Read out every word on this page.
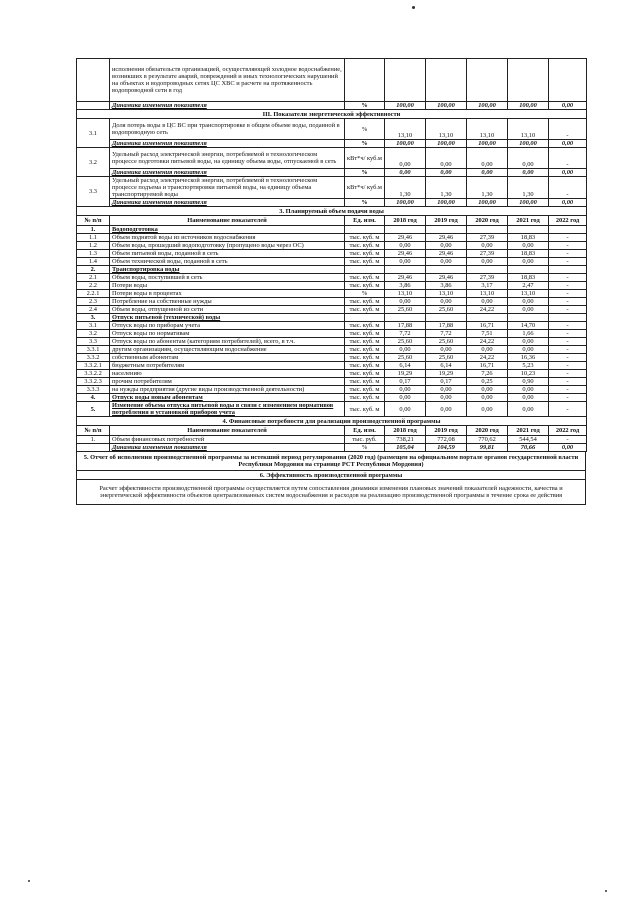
	исполнения обязательств организацией, осуществляющей холодное водоснабжение, возникших в результате аварий, повреждений и иных технологических нарушений на объектах и водопроводных сетях ЦС ХВС и расчете на протяженность водопроводной сети в год						
	Динамика изменения показателя	%	100,00	100,00	100,00	100,00	0,00
III. Показатели энергетической эффективности							
3.1	Доля потерь воды в ЦС ВС при транспортировке в общем объеме воды, поданной в водопроводную сеть	%	13,10	13,10	13,10	13,10	-
	Динамика изменения показателя	%	100,00	100,00	100,00	100,00	0,00
3.2	Удельный расход электрической энергии, потребляемой в технологическом процессе подготовки питьевой воды, на единицу объема воды, отпускаемой в сеть	кВт*ч/ куб.м	0,00	0,00	0,00	0,00	-
	Динамика изменения показателя	%	0,00	0,00	0,00	0,00	0,00
3.3	Удельный расход электрической энергии, потребляемой в технологическом процессе подъема и транспортировки питьевой воды, на единицу объема транспортируемой воды	кВт*ч/ куб.м	1,30	1,30	1,30	1,30	-
	Динамика изменения показателя	%	100,00	100,00	100,00	100,00	0,00
3. Планируемый объем подачи воды							
№ п/п	Наименование показателей	Ед. изм.	2018 год	2019 год	2020 год	2021 год	2022 год
1.	Водоподготовка						
1.1	Объем поднятой воды из источников водоснабжения	тыс. куб. м	29,46	29,46	27,39	18,83	-
1.2	Объем воды, прошедший водоподготовку (пропущено воды через ОС)	тыс. куб. м	0,00	0,00	0,00	0,00	-
1.3	Объем питьевой воды, поданной в сеть	тыс. куб. м	29,46	29,46	27,39	18,83	-
1.4	Объем технической воды, поданной в сеть	тыс. куб. м	0,00	0,00	0,00	0,00	-
2.	Транспортировка воды						
2.1	Объем воды, поступившей в сеть	тыс. куб. м	29,46	29,46	27,39	18,83	-
2.2	Потери воды	тыс. куб. м	3,86	3,86	3,17	2,47	-
2.2.1	Потери воды в процентах	%	13,10	13,10	13,10	13,10	-
2.3	Потребление на собственные нужды	тыс. куб. м	0,00	0,00	0,00	0,00	-
2.4	Объем воды, отпущенной из сети	тыс. куб. м	25,60	25,60	24,22	0,00	-
3.	Отпуск питьевой (технической) воды						
3.1	Отпуск воды по приборам учета	тыс. куб. м	17,88	17,88	16,71	14,70	-
3.2	Отпуск воды по нормативам	тыс. куб. м	7,72	7,72	7,51	1,66	-
3.3	Отпуск воды по абонентам (категориям потребителей), всего, в т.ч.	тыс. куб. м	25,60	25,60	24,22	0,00	-
3.3.1	другим организациям, осуществляющим водоснабжение	тыс. куб. м	0,00	0,00	0,00	0,00	-
3.3.2	собственным абонентам	тыс. куб. м	25,60	25,60	24,22	16,36	-
3.3.2.1	бюджетным потребителям	тыс. куб. м	6,14	6,14	16,71	5,23	-
3.3.2.2	населению	тыс. куб. м	19,29	19,29	7,26	10,23	-
3.3.2.3	прочим потребителям	тыс. куб. м	0,17	0,17	0,25	0,90	-
3.3.3	на нужды предприятия (другие виды производственной деятельности)	тыс. куб. м	0,00	0,00	0,00	0,00	-
4.	Отпуск воды новым абонентам	тыс. куб. м	0,00	0,00	0,00	0,00	-
5.	Изменение объема отпуска питьевой воды в связи с изменением нормативов потребления и установкой приборов учета	тыс. куб. м	0,00	0,00	0,00	0,00	-
4. Финансовые потребности для реализации производственной программы							
№ п/п	Наименование показателей	Ед. изм.	2018 год	2019 год	2020 год	2021 год	2022 год
1.	Объем финансовых потребностей	тыс. руб.	738,21	772,08	770,62	544,54	-
	Динамика изменения показателя	%	105,04	104,59	99,81	70,66	0,00
5. Отчет об исполнении производственной программы за истекший период регулирования (2020 год) (размещен на официальном портале органов государственной власти Республики Мордовия на странице РСТ Республики Мордовия)
6. Эффективность производственной программы
Расчет эффективности производственной программы осуществляется путем сопоставления динамики изменения плановых значений показателей надежности, качества и энергетической эффективности объектов централизованных систем водоснабжения и расходов на реализацию производственной программы в течение срока ее действия
